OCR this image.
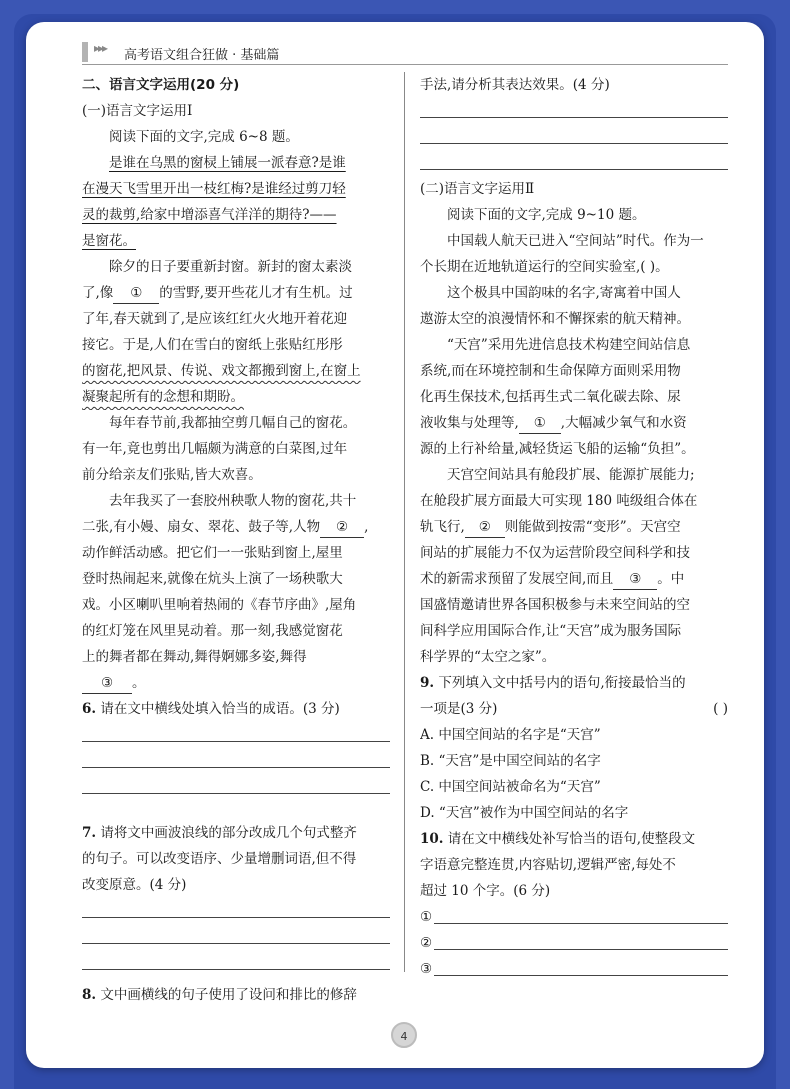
▸▸▸ 高考语文组合狂做 · 基础篇
二、语言文字运用(20 分)
(一)语言文字运用Ⅰ
阅读下面的文字,完成 6~8 题。
是谁在乌黑的窗棂上铺展一派春意?是谁
在漫天飞雪里开出一枝红梅?是谁经过剪刀轻
灵的裁剪,给家中增添喜气洋洋的期待?——
是窗花。
除夕的日子要重新封窗。新封的窗太素淡
了,像 ① 的雪野,要开些花儿才有生机。过
了年,春天就到了,是应该红红火火地开着花迎
接它。于是,人们在雪白的窗纸上张贴红彤彤
的窗花,把风景、传说、戏文都搬到窗上,在窗上
凝聚起所有的念想和期盼。
每年春节前,我都抽空剪几幅自己的窗花。
有一年,竟也剪出几幅颇为满意的白菜图,过年
前分给亲友们张贴,皆大欢喜。
去年我买了一套胶州秧歌人物的窗花,共十
二张,有小嫚、扇女、翠花、鼓子等,人物 ② ,
动作鲜活动感。把它们一一张贴到窗上,屋里
登时热闹起来,就像在炕头上演了一场秧歌大
戏。小区喇叭里响着热闹的《春节序曲》,屋角
的红灯笼在风里晃动着。那一刻,我感觉窗花
上的舞者都在舞动,舞得婀娜多姿,舞得
③ 。
6. 请在文中横线处填入恰当的成语。(3 分)
7. 请将文中画波浪线的部分改成几个句式整齐
的句子。可以改变语序、少量增删词语,但不得
改变原意。(4 分)
8. 文中画横线的句子使用了设问和排比的修辞
手法,请分析其表达效果。(4 分)
(二)语言文字运用Ⅱ
阅读下面的文字,完成 9~10 题。
中国载人航天已进入“空间站”时代。作为一
个长期在近地轨道运行的空间实验室,( )。
这个极具中国韵味的名字,寄寓着中国人
遨游太空的浪漫情怀和不懈探索的航天精神。
“天宫”采用先进信息技术构建空间站信息
系统,而在环境控制和生命保障方面则采用物
化再生保技术,包括再生式二氧化碳去除、尿
液收集与处理等, ① ,大幅减少氧气和水资
源的上行补给量,减轻货运飞船的运输“负担”。
天宫空间站具有舱段扩展、能源扩展能力;
在舱段扩展方面最大可实现 180 吨级组合体在
轨飞行, ② 则能做到按需“变形”。天宫空
间站的扩展能力不仅为运营阶段空间科学和技
术的新需求预留了发展空间,而且 ③ 。中
国盛情邀请世界各国积极参与未来空间站的空
间科学应用国际合作,让“天宫”成为服务国际
科学界的“太空之家”。
9. 下列填入文中括号内的语句,衔接最恰当的
一项是(3 分)	( )
A. 中国空间站的名字是“天宫”
B. “天宫”是中国空间站的名字
C. 中国空间站被命名为“天宫”
D. “天宫”被作为中国空间站的名字
10. 请在文中横线处补写恰当的语句,使整段文
字语意完整连贯,内容贴切,逻辑严密,每处不
超过 10 个字。(6 分)
①
②
③
4
